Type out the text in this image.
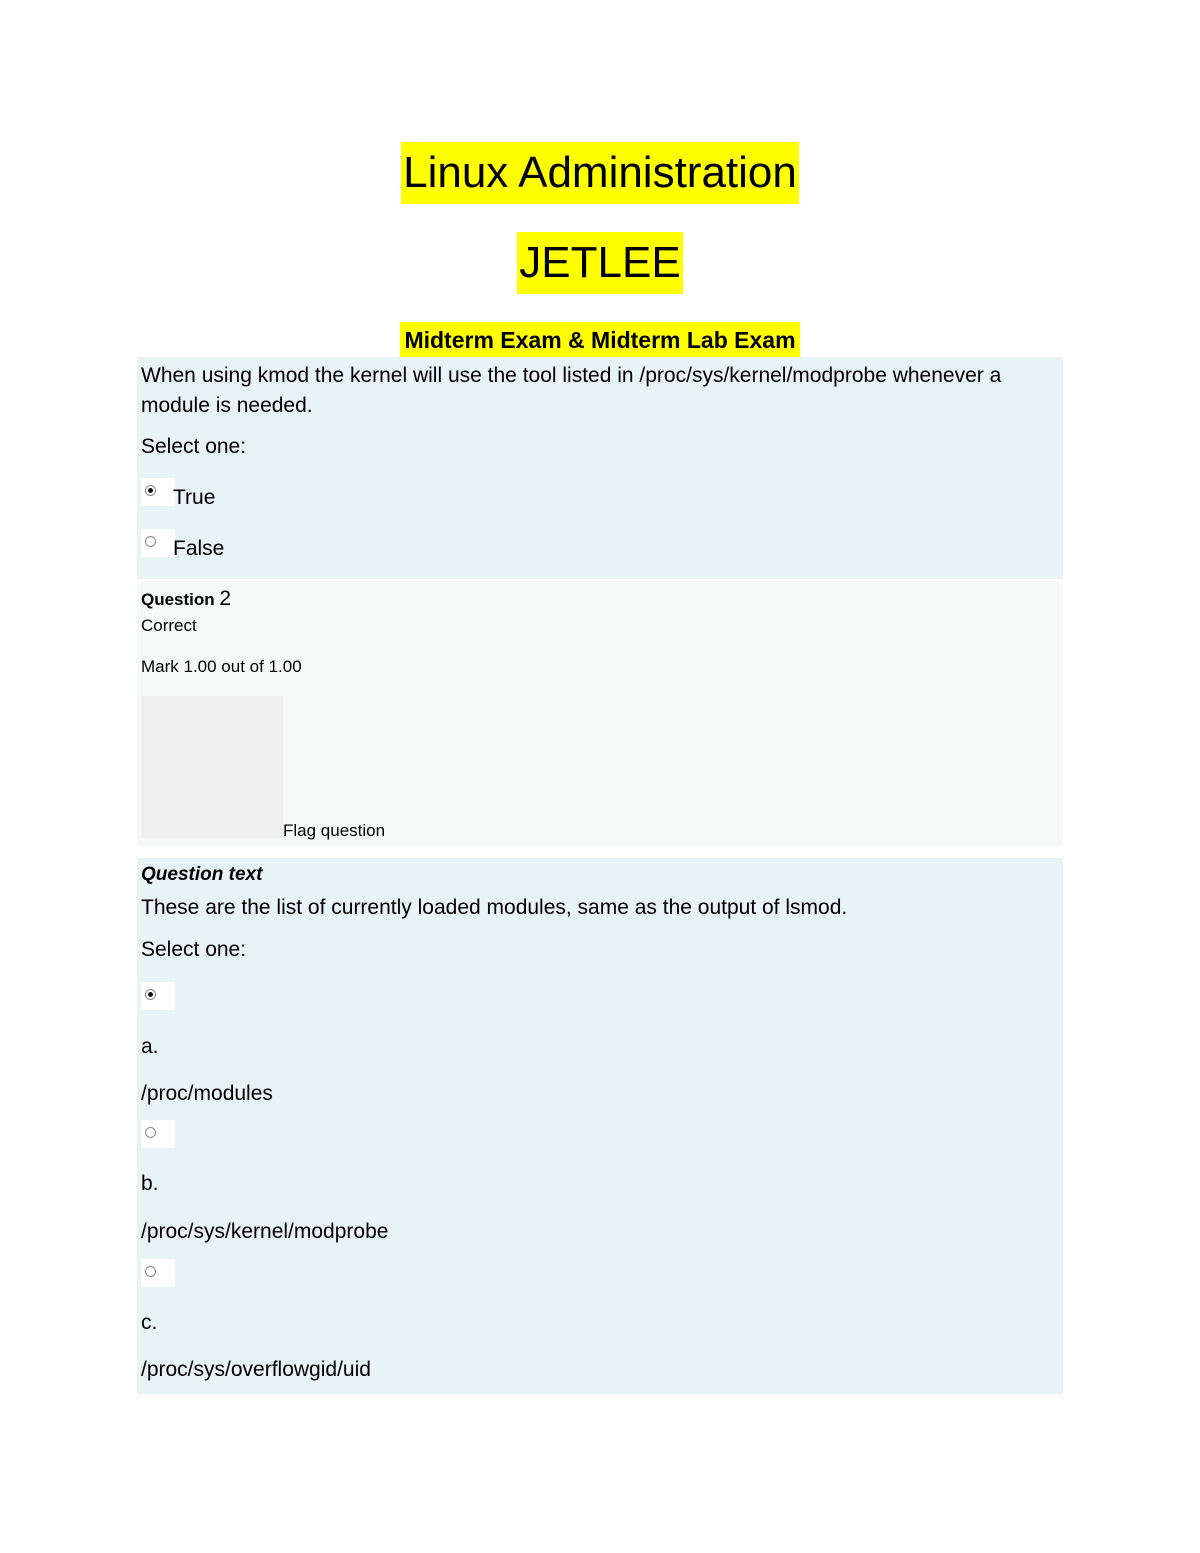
Linux Administration
JETLEE
Midterm Exam & Midterm Lab Exam
When using kmod the kernel will use the tool listed in /proc/sys/kernel/modprobe whenever a module is needed.
Select one:
True
False
Question 2
Correct
Mark 1.00 out of 1.00
Flag question
Question text
These are the list of currently loaded modules, same as the output of lsmod.
Select one:
a.
/proc/modules
b.
/proc/sys/kernel/modprobe
c.
/proc/sys/overflowgid/uid
